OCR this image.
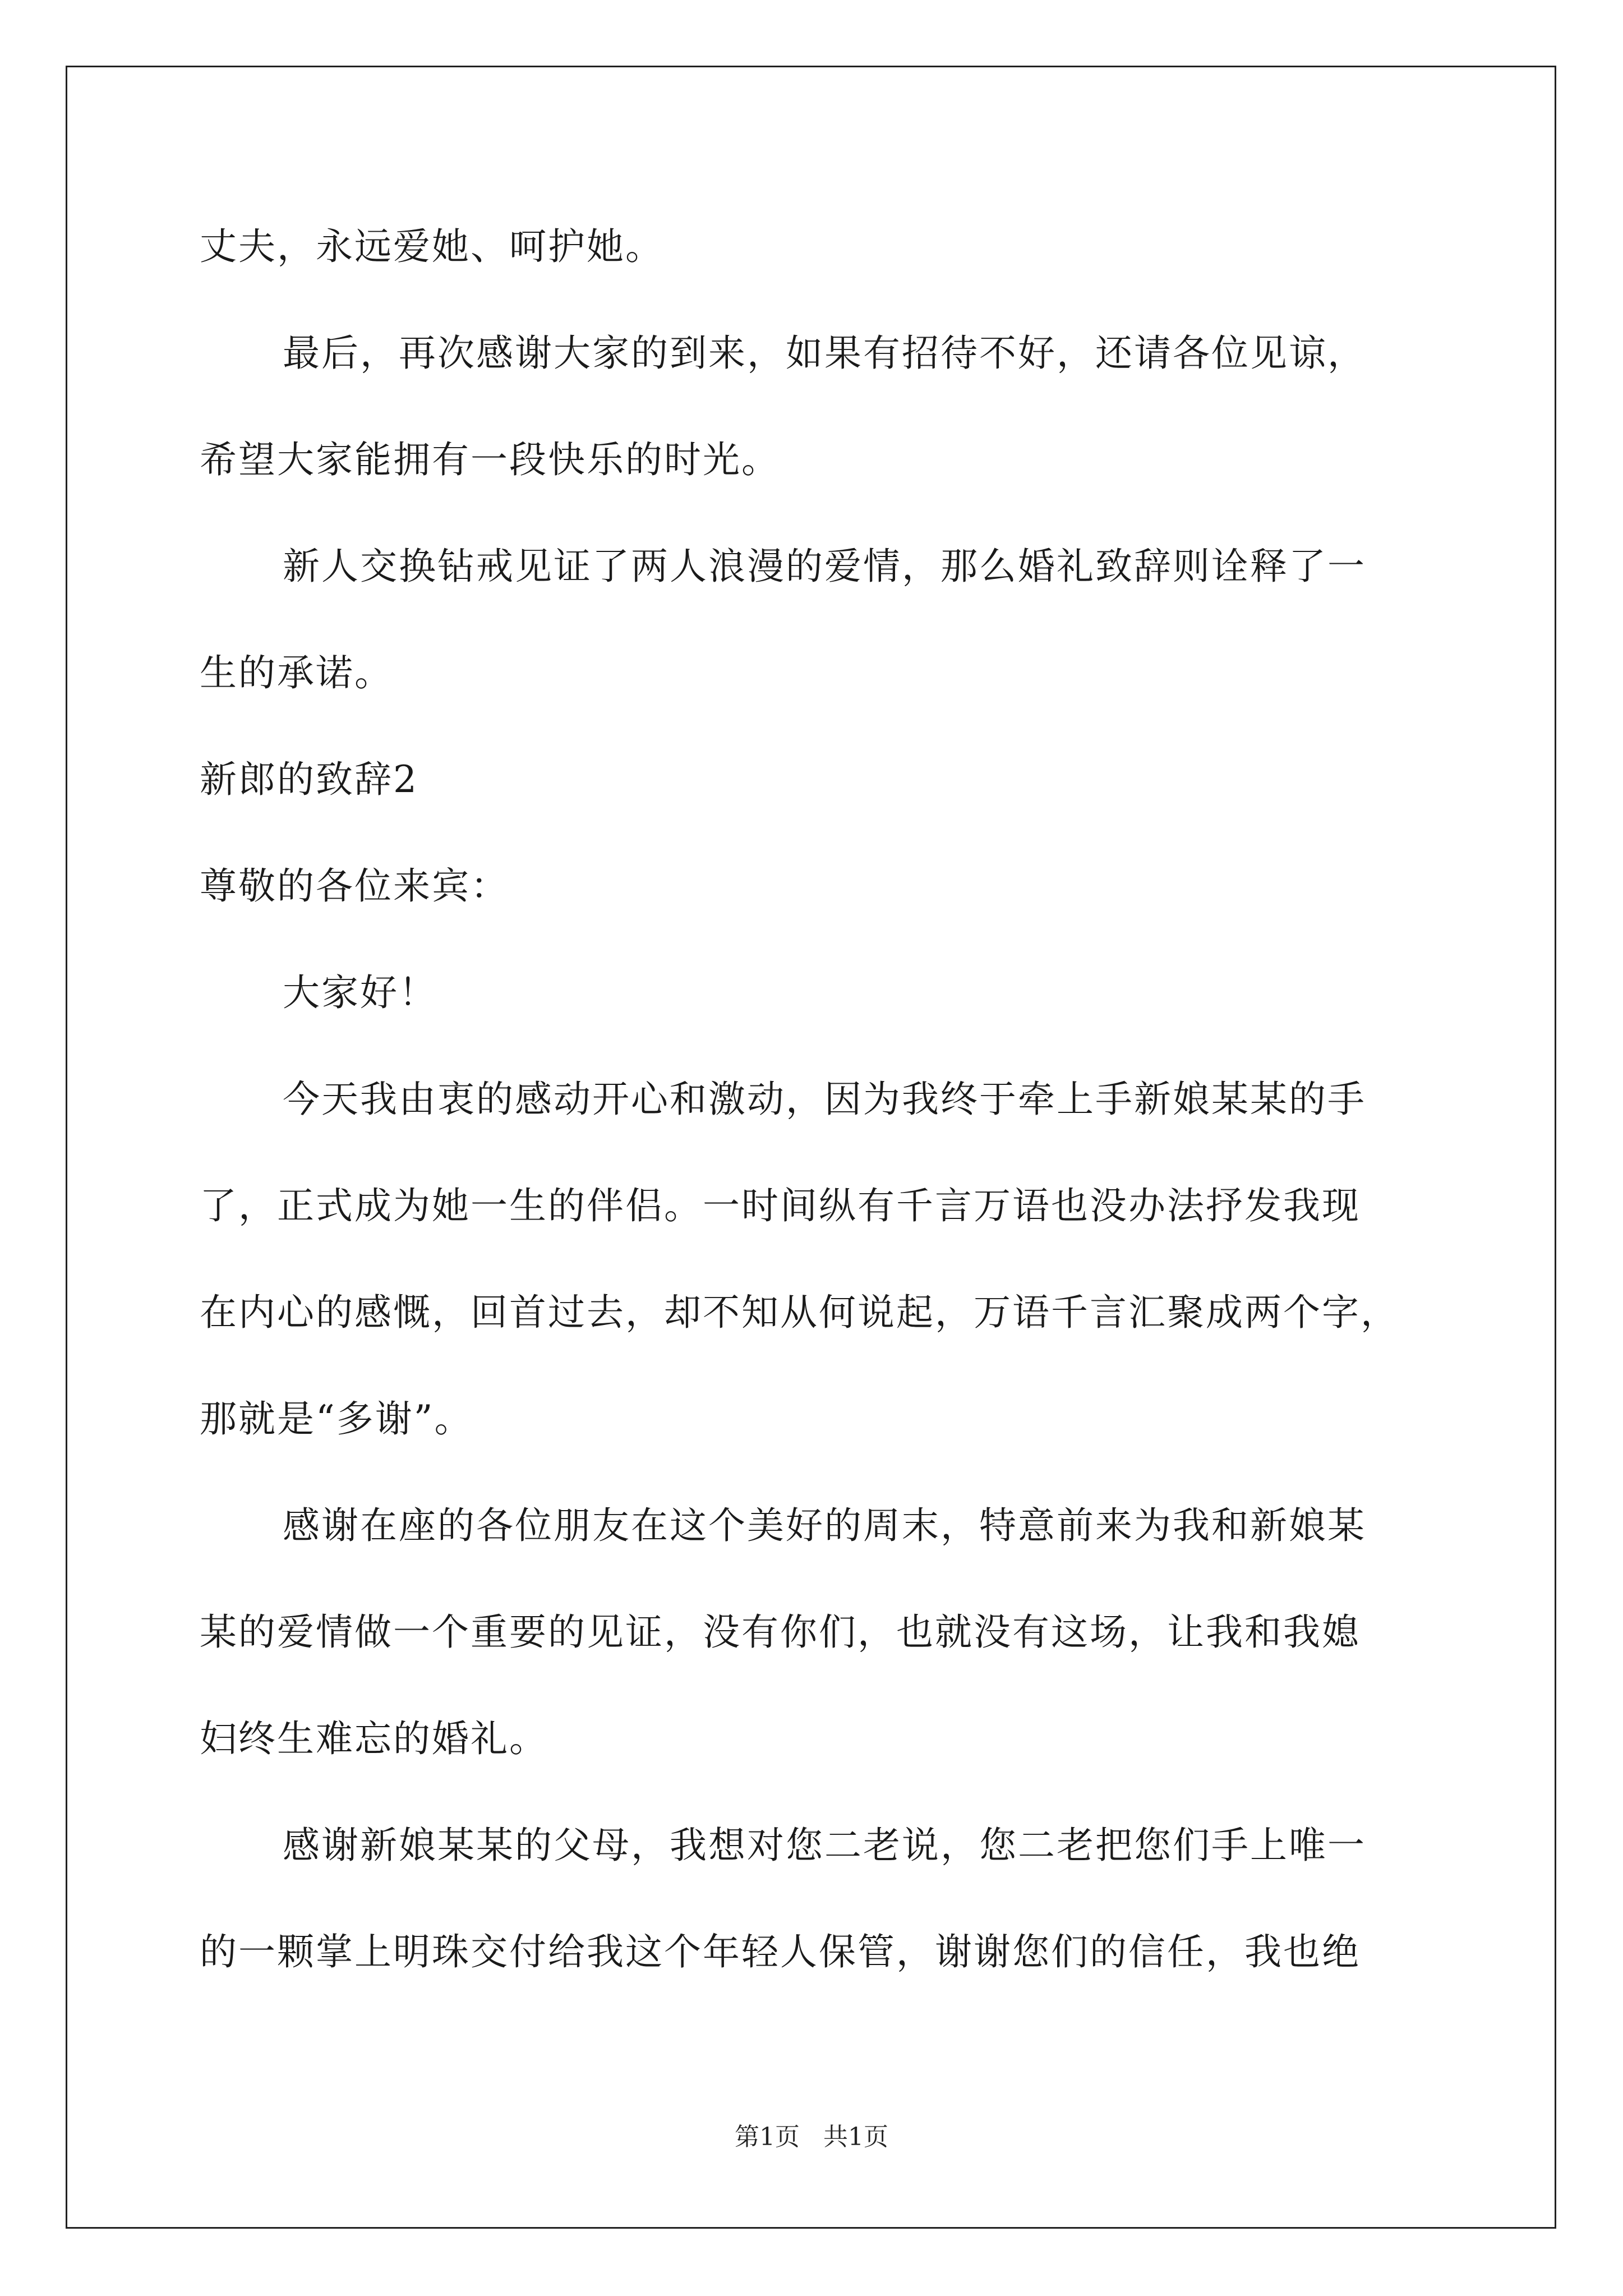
丈夫，永远爱她、呵护她。
最后，再次感谢大家的到来，如果有招待不好，还请各位见谅，
希望大家能拥有一段快乐的时光。
新人交换钻戒见证了两人浪漫的爱情，那么婚礼致辞则诠释了一
生的承诺。
新郎的致辞2
尊敬的各位来宾：
大家好！
今天我由衷的感动开心和激动，因为我终于牵上手新娘某某的手
了，正式成为她一生的伴侣。一时间纵有千言万语也没办法抒发我现
在内心的感慨，回首过去，却不知从何说起，万语千言汇聚成两个字，
那就是“多谢”。
感谢在座的各位朋友在这个美好的周末，特意前来为我和新娘某
某的爱情做一个重要的见证，没有你们，也就没有这场，让我和我媳
妇终生难忘的婚礼。
感谢新娘某某的父母，我想对您二老说，您二老把您们手上唯一
的一颗掌上明珠交付给我这个年轻人保管，谢谢您们的信任，我也绝
第1页   共1页
